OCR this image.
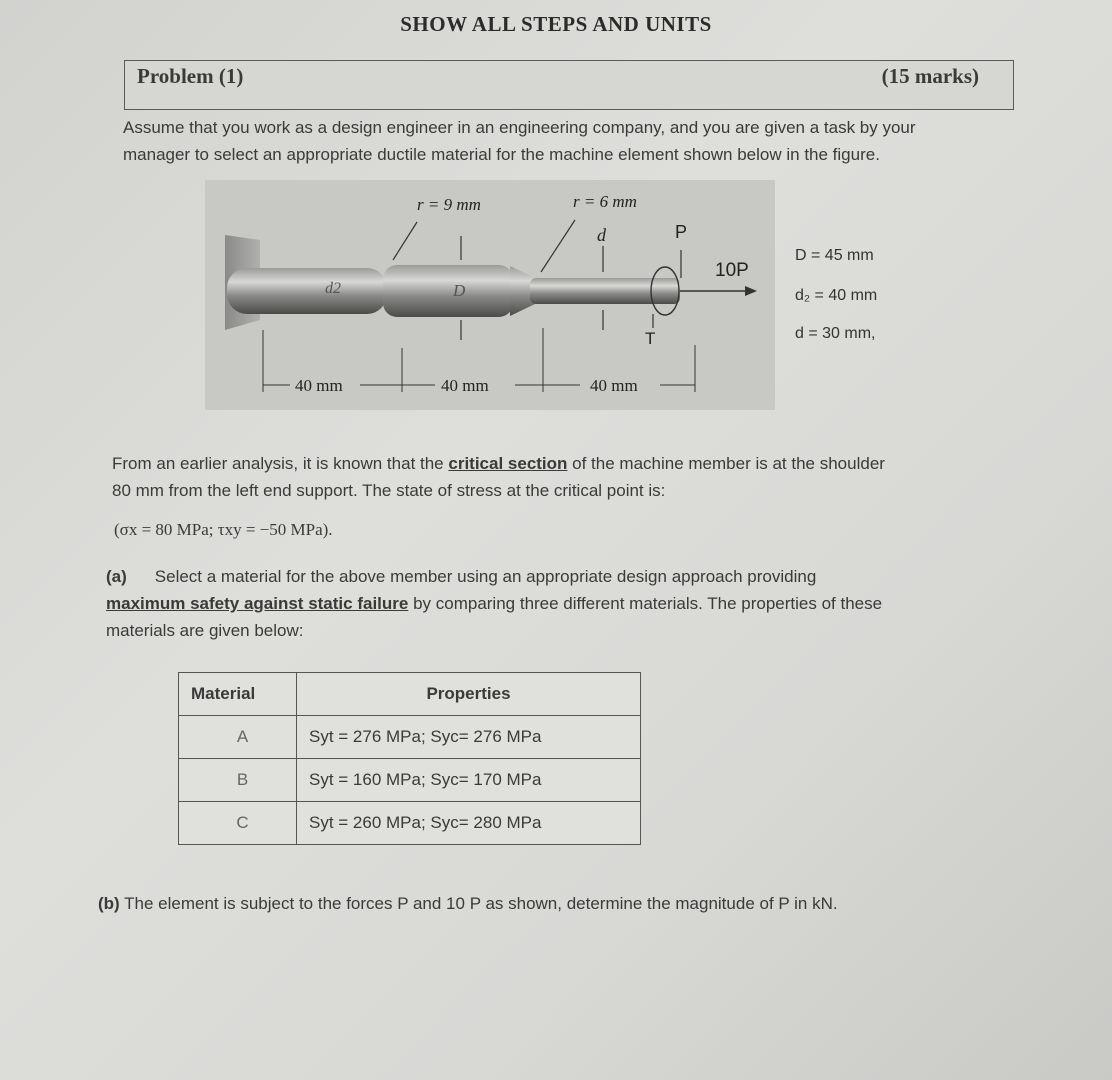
SHOW ALL STEPS AND UNITS
Problem (1)	(15 marks)
Assume that you work as a design engineer in an engineering company, and you are given a task by your
manager to select an appropriate ductile material for the machine element shown below in the figure.
r = 9 mm	r = 6 mm
d	P
d2	D
10P
T
40 mm	40 mm	40 mm
D = 45 mm
d₂ = 40 mm
d = 30 mm,
From an earlier analysis, it is known that the critical section of the machine member is at the shoulder
80 mm from the left end support. The state of stress at the critical point is:
(σx = 80 MPa; τxy = −50 MPa).
(a) Select a material for the above member using an appropriate design approach providing
maximum safety against static failure by comparing three different materials. The properties of these
materials are given below:
Material	Properties
A	Syt = 276 MPa; Syc= 276 MPa
B	Syt = 160 MPa; Syc= 170 MPa
C	Syt = 260 MPa; Syc= 280 MPa
(b) The element is subject to the forces P and 10 P as shown, determine the magnitude of P in kN.
